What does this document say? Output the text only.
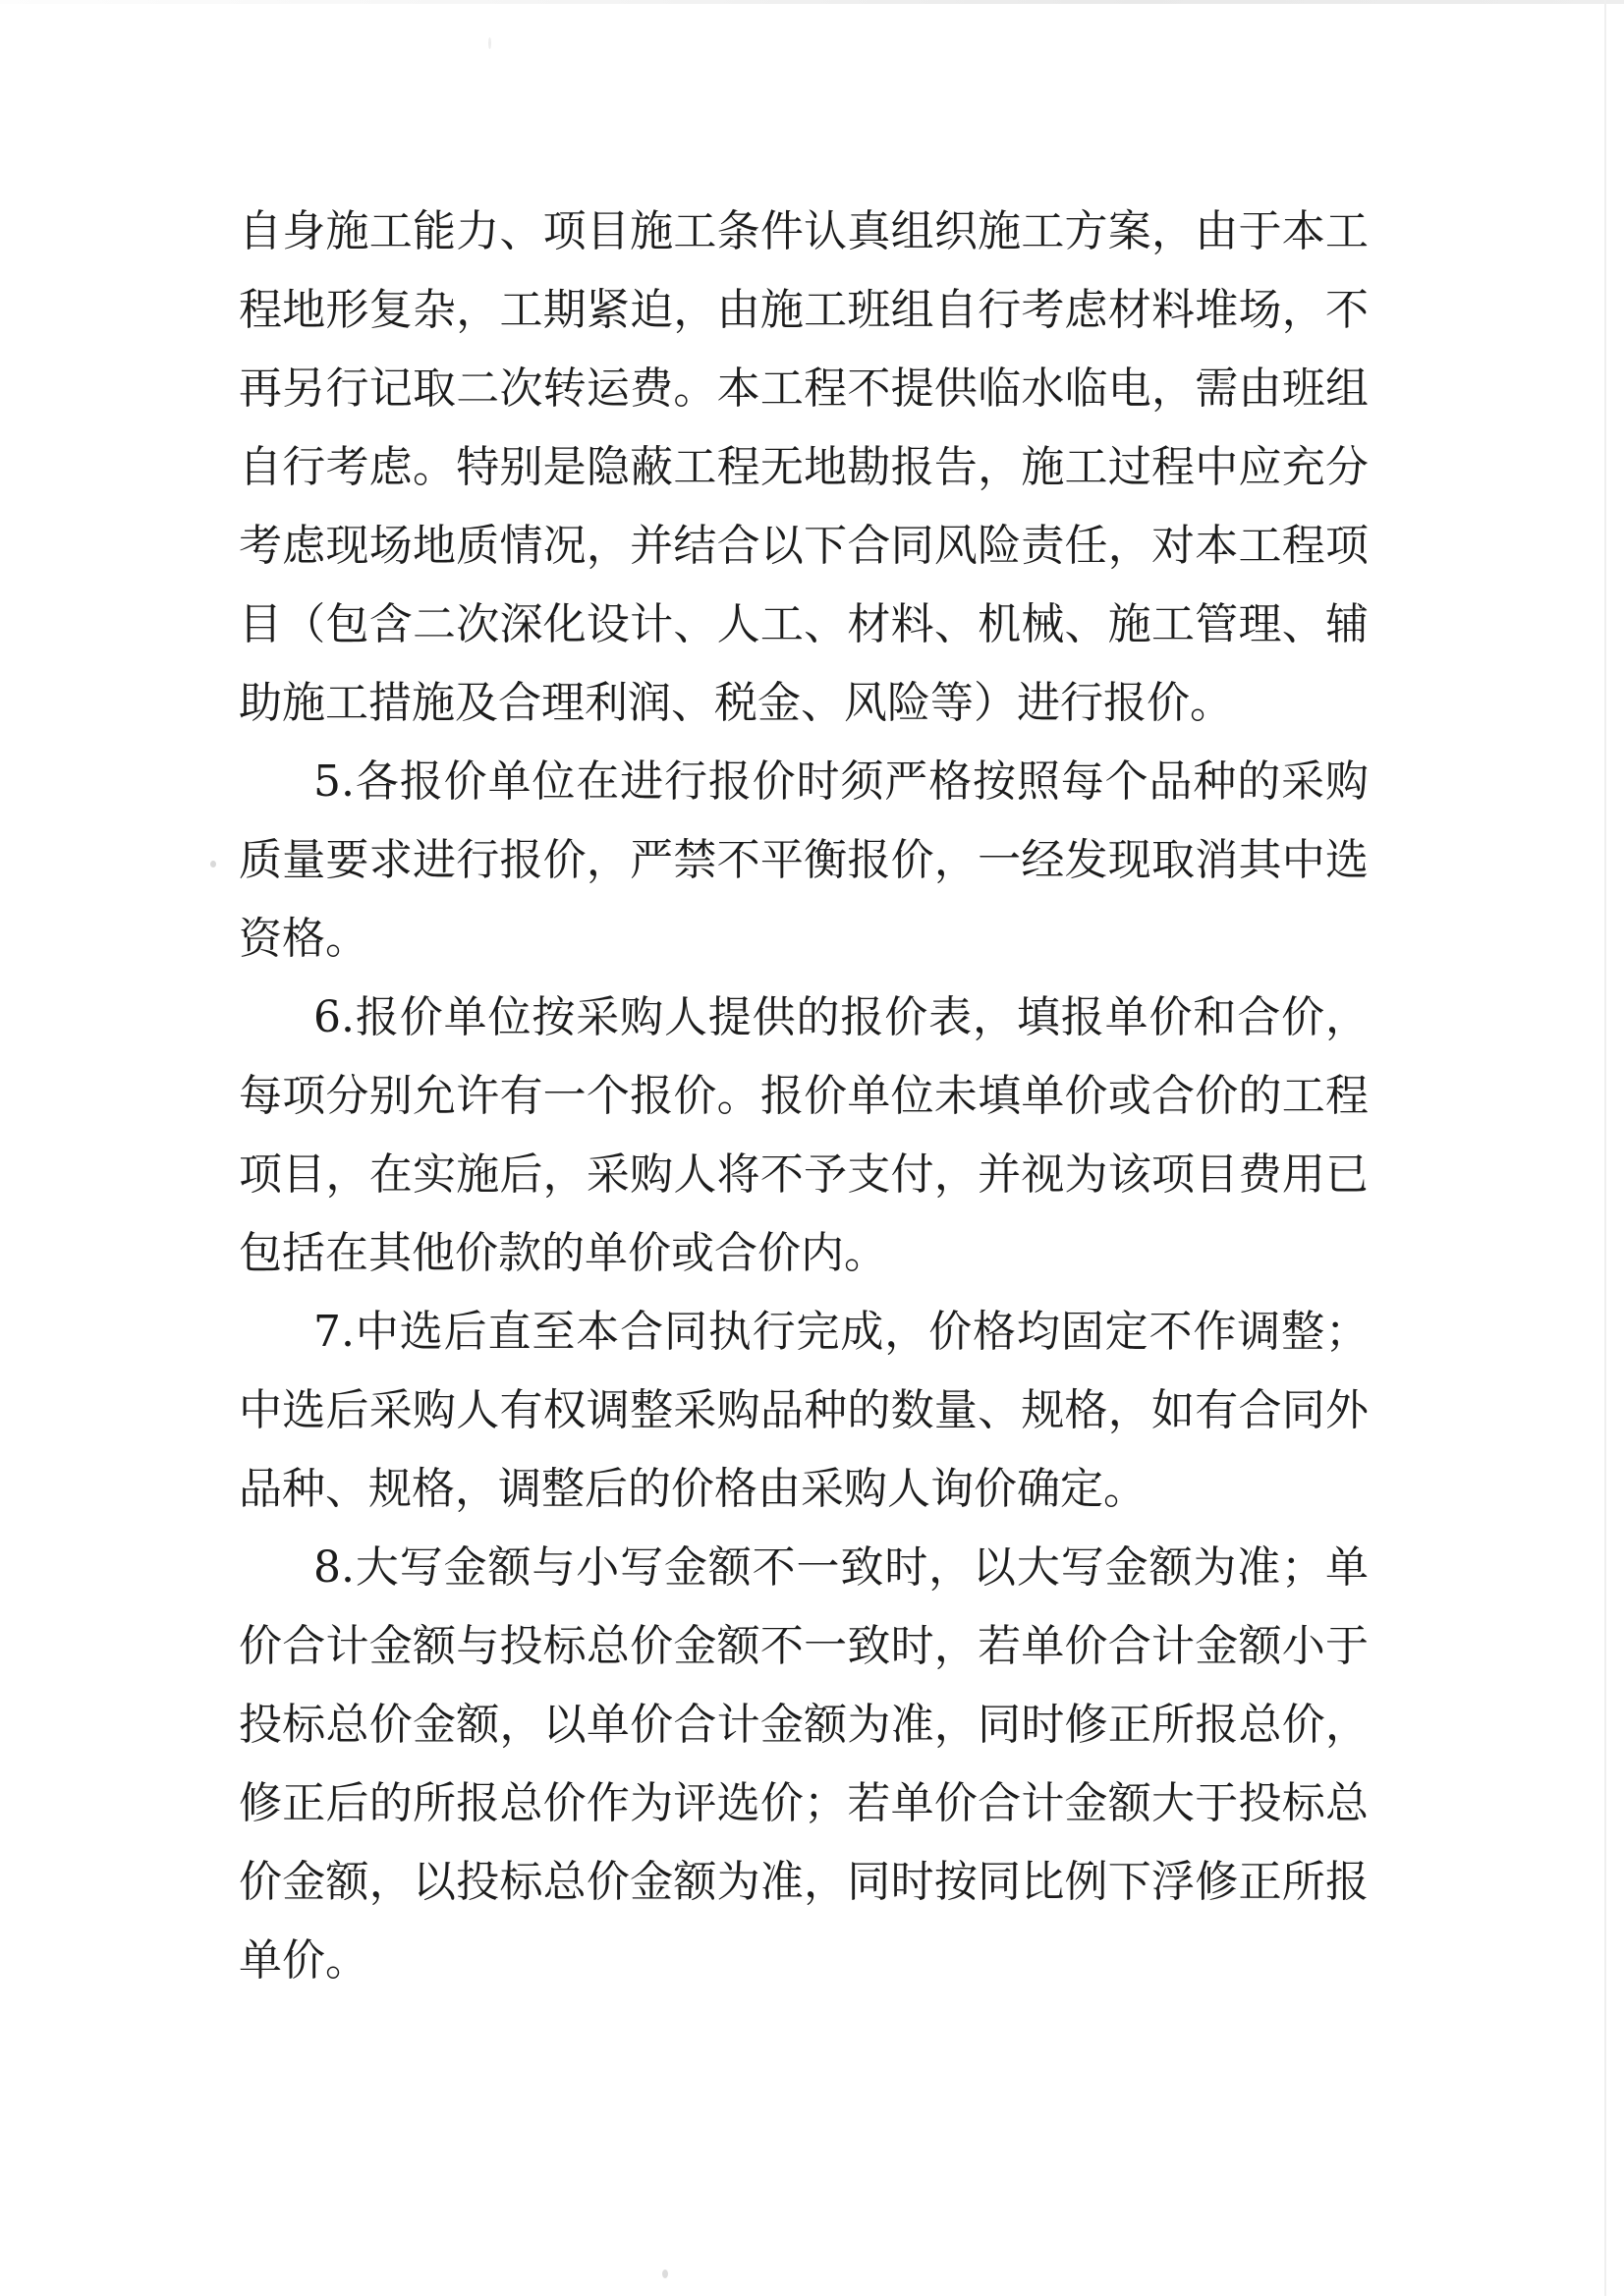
自身施工能力、项目施工条件认真组织施工方案，由于本工程地形复杂，工期紧迫，由施工班组自行考虑材料堆场，不再另行记取二次转运费。本工程不提供临水临电，需由班组自行考虑。特别是隐蔽工程无地勘报告，施工过程中应充分考虑现场地质情况，并结合以下合同风险责任，对本工程项目（包含二次深化设计、人工、材料、机械、施工管理、辅助施工措施及合理利润、税金、风险等）进行报价。

5.各报价单位在进行报价时须严格按照每个品种的采购质量要求进行报价，严禁不平衡报价，一经发现取消其中选资格。

6.报价单位按采购人提供的报价表，填报单价和合价，每项分别允许有一个报价。报价单位未填单价或合价的工程项目，在实施后，采购人将不予支付，并视为该项目费用已包括在其他价款的单价或合价内。

7.中选后直至本合同执行完成，价格均固定不作调整；中选后采购人有权调整采购品种的数量、规格，如有合同外品种、规格，调整后的价格由采购人询价确定。

8.大写金额与小写金额不一致时，以大写金额为准；单价合计金额与投标总价金额不一致时，若单价合计金额小于投标总价金额，以单价合计金额为准，同时修正所报总价，修正后的所报总价作为评选价；若单价合计金额大于投标总价金额，以投标总价金额为准，同时按同比例下浮修正所报单价。
